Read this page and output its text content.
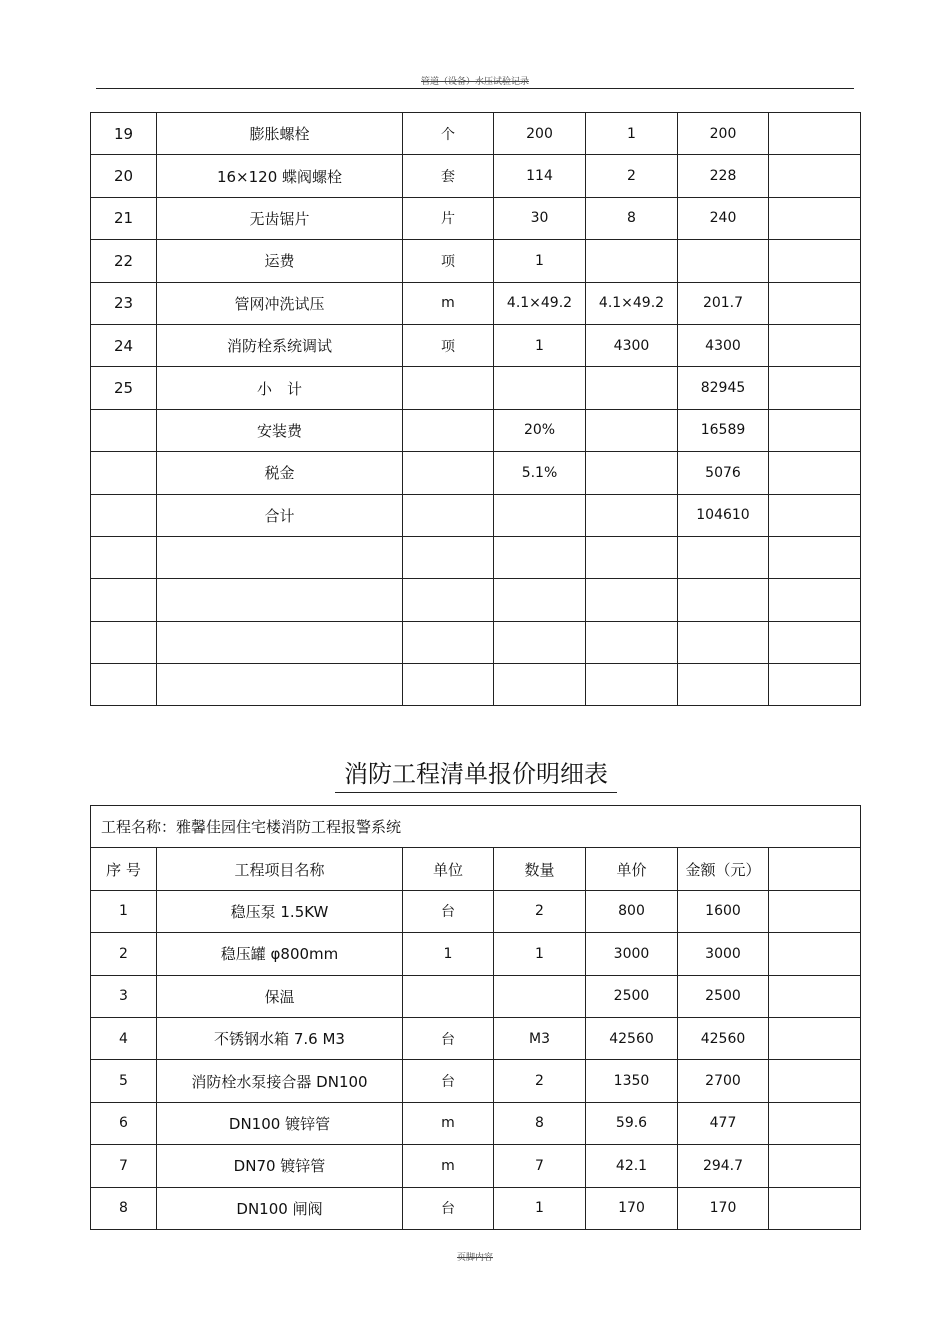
管道（设备）水压试验记录
19	膨胀螺栓	个	200	1	200	
20	16×120 蝶阀螺栓	套	114	2	228	
21	无齿锯片	片	30	8	240	
22	运费	项	1			
23	管网冲洗试压	m	4.1×49.2	4.1×49.2	201.7	
24	消防栓系统调试	项	1	4300	4300	
25	小　计				82945	
	安装费		20%		16589	
	税金		5.1%		5076	
	合计				104610	

消防工程清单报价明细表
工程名称：雅馨佳园住宅楼消防工程报警系统						
序 号	工程项目名称	单位	数量	单价	金额（元）	
1	稳压泵 1.5KW	台	2	800	1600	
2	稳压罐 φ800mm	1	1	3000	3000	
3	保温			2500	2500	
4	不锈钢水箱 7.6 M3	台	M3	42560	42560	
5	消防栓水泵接合器 DN100	台	2	1350	2700	
6	DN100 镀锌管	m	8	59.6	477	
7	DN70 镀锌管	m	7	42.1	294.7	
8	DN100 闸阀	台	1	170	170	
页脚内容
